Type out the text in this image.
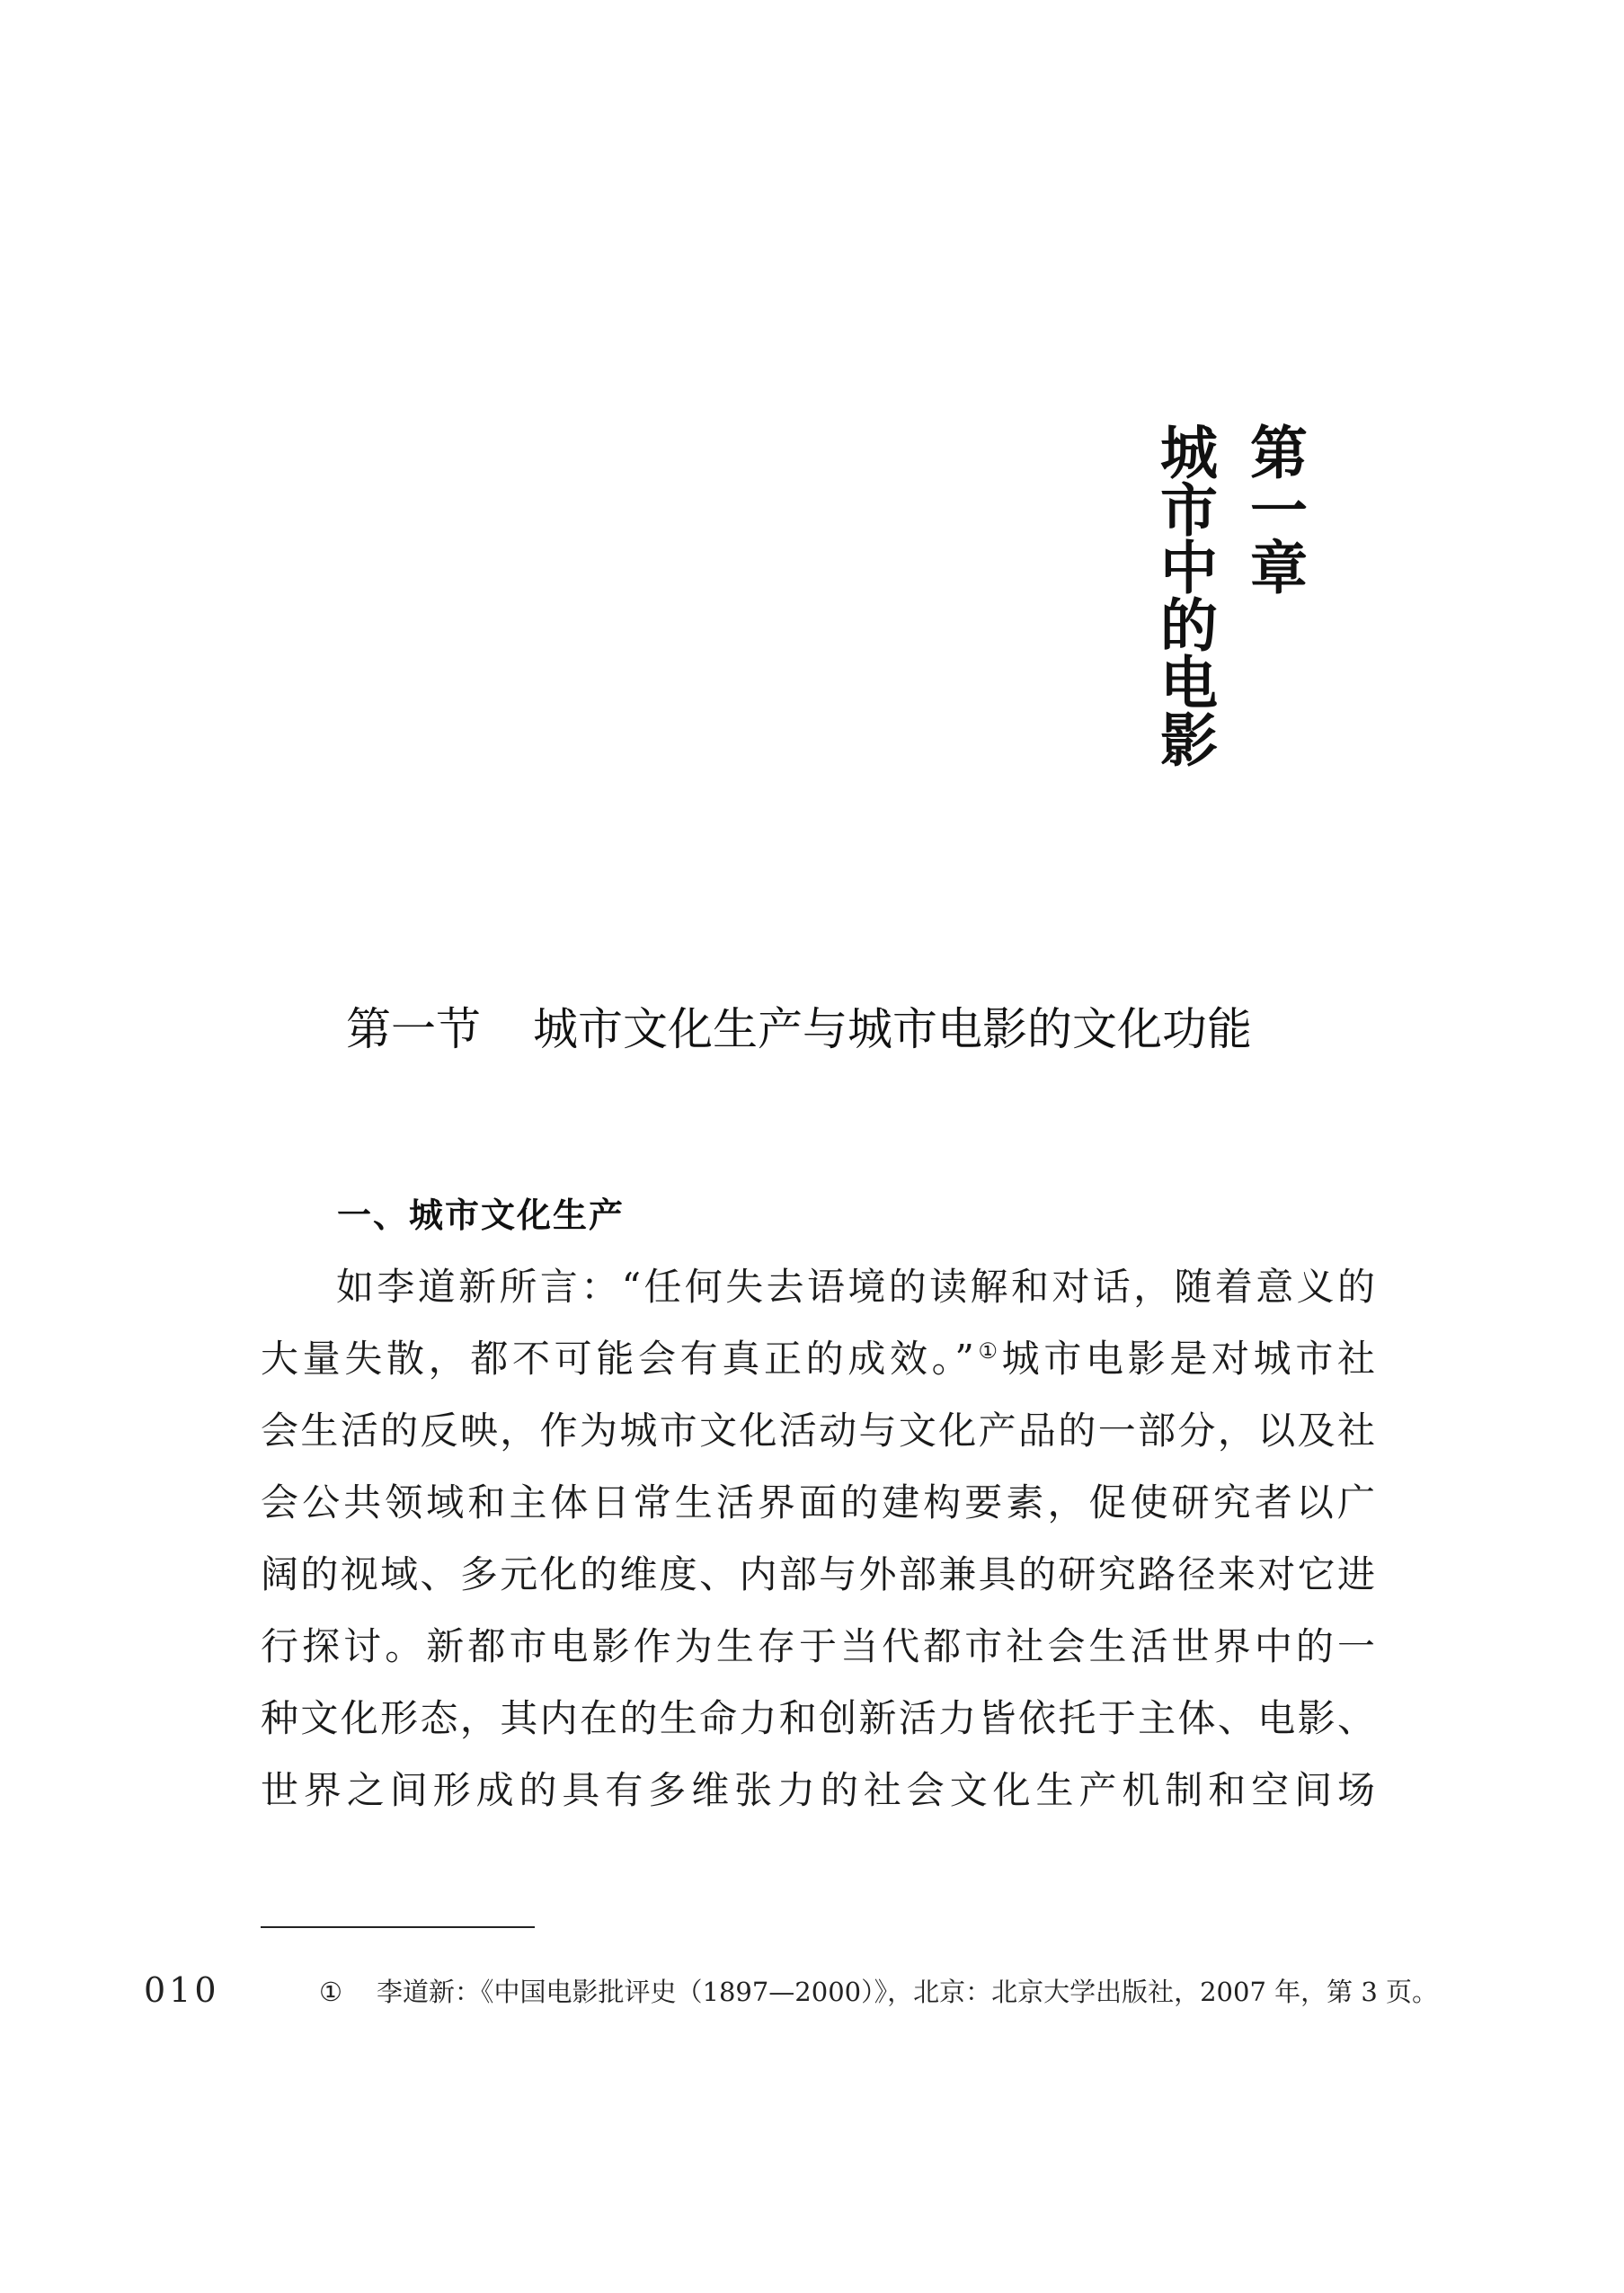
第一章
城市中的电影
第一节 城市文化生产与城市电影的文化功能
一、城市文化生产
如李道新所言：“任何失去语境的读解和对话，随着意义的
大量失散，都不可能会有真正的成效。”①城市电影是对城市社
会生活的反映，作为城市文化活动与文化产品的一部分，以及社
会公共领域和主体日常生活界面的建构要素，促使研究者以广
阔的视域、多元化的维度、内部与外部兼具的研究路径来对它进
行探讨。新都市电影作为生存于当代都市社会生活世界中的一
种文化形态，其内在的生命力和创新活力皆依托于主体、电影、
世界之间形成的具有多维张力的社会文化生产机制和空间场
010	① 李道新：《中国电影批评史（1897—2000）》，北京：北京大学出版社，2007 年，第 3 页。
